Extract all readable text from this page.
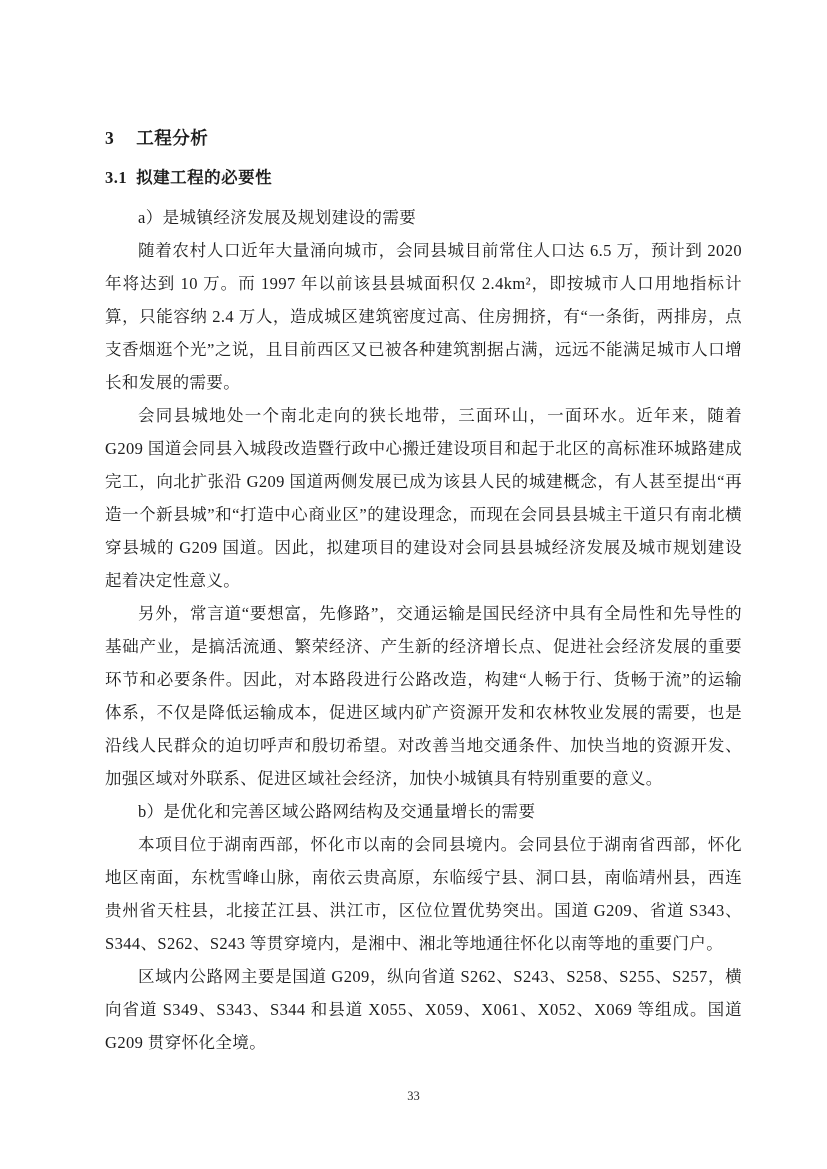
3 工程分析
3.1 拟建工程的必要性

a）是城镇经济发展及规划建设的需要

随着农村人口近年大量涌向城市，会同县城目前常住人口达 6.5 万，预计到 2020 年将达到 10 万。而 1997 年以前该县县城面积仅 2.4km²，即按城市人口用地指标计算，只能容纳 2.4 万人，造成城区建筑密度过高、住房拥挤，有“一条街，两排房，点支香烟逛个光”之说，且目前西区又已被各种建筑割据占满，远远不能满足城市人口增长和发展的需要。

会同县城地处一个南北走向的狭长地带，三面环山，一面环水。近年来，随着 G209 国道会同县入城段改造暨行政中心搬迁建设项目和起于北区的高标准环城路建成完工，向北扩张沿 G209 国道两侧发展已成为该县人民的城建概念，有人甚至提出“再造一个新县城”和“打造中心商业区”的建设理念，而现在会同县县城主干道只有南北横穿县城的 G209 国道。因此，拟建项目的建设对会同县县城经济发展及城市规划建设起着决定性意义。

另外，常言道“要想富，先修路”，交通运输是国民经济中具有全局性和先导性的基础产业，是搞活流通、繁荣经济、产生新的经济增长点、促进社会经济发展的重要环节和必要条件。因此，对本路段进行公路改造，构建“人畅于行、货畅于流”的运输体系，不仅是降低运输成本，促进区域内矿产资源开发和农林牧业发展的需要，也是沿线人民群众的迫切呼声和殷切希望。对改善当地交通条件、加快当地的资源开发、加强区域对外联系、促进区域社会经济，加快小城镇具有特别重要的意义。

b）是优化和完善区域公路网结构及交通量增长的需要

本项目位于湖南西部，怀化市以南的会同县境内。会同县位于湖南省西部，怀化地区南面，东枕雪峰山脉，南依云贵高原，东临绥宁县、洞口县，南临靖州县，西连贵州省天柱县，北接芷江县、洪江市，区位位置优势突出。国道 G209、省道 S343、S344、S262、S243 等贯穿境内，是湘中、湘北等地通往怀化以南等地的重要门户。

区域内公路网主要是国道 G209，纵向省道 S262、S243、S258、S255、S257，横向省道 S349、S343、S344 和县道 X055、X059、X061、X052、X069 等组成。国道 G209 贯穿怀化全境。

33
